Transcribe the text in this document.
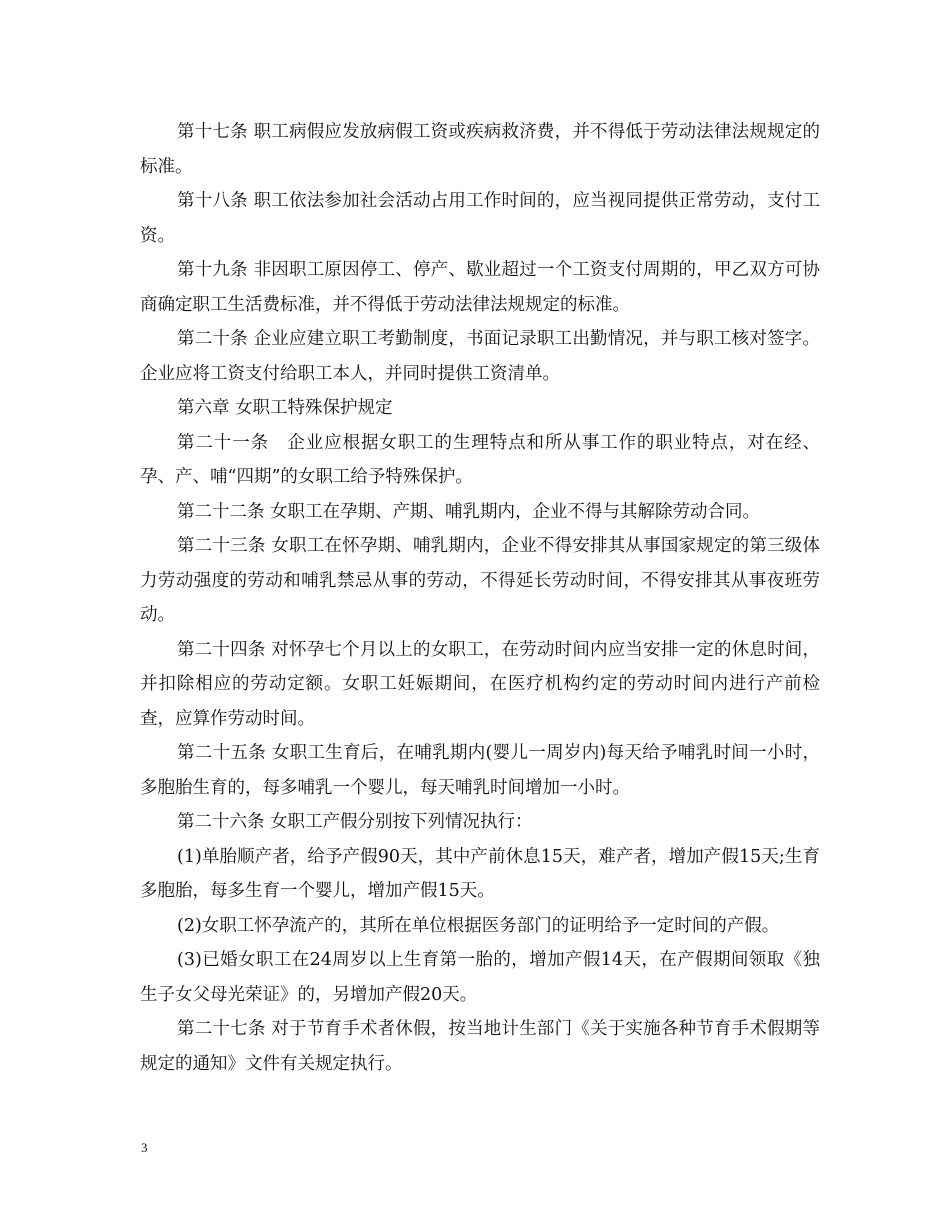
第十七条 职工病假应发放病假工资或疾病救济费，并不得低于劳动法律法规规定的标准。

第十八条 职工依法参加社会活动占用工作时间的，应当视同提供正常劳动，支付工资。

第十九条 非因职工原因停工、停产、歇业超过一个工资支付周期的，甲乙双方可协商确定职工生活费标准，并不得低于劳动法律法规规定的标准。

第二十条 企业应建立职工考勤制度，书面记录职工出勤情况，并与职工核对签字。企业应将工资支付给职工本人，并同时提供工资清单。

第六章 女职工特殊保护规定

第二十一条　企业应根据女职工的生理特点和所从事工作的职业特点，对在经、孕、产、哺“四期”的女职工给予特殊保护。

第二十二条 女职工在孕期、产期、哺乳期内，企业不得与其解除劳动合同。

第二十三条 女职工在怀孕期、哺乳期内，企业不得安排其从事国家规定的第三级体力劳动强度的劳动和哺乳禁忌从事的劳动，不得延长劳动时间，不得安排其从事夜班劳动。

第二十四条 对怀孕七个月以上的女职工，在劳动时间内应当安排一定的休息时间，并扣除相应的劳动定额。女职工妊娠期间，在医疗机构约定的劳动时间内进行产前检查，应算作劳动时间。

第二十五条 女职工生育后，在哺乳期内(婴儿一周岁内)每天给予哺乳时间一小时，多胞胎生育的，每多哺乳一个婴儿，每天哺乳时间增加一小时。

第二十六条 女职工产假分别按下列情况执行：

(1)单胎顺产者，给予产假90天，其中产前休息15天，难产者，增加产假15天;生育多胞胎，每多生育一个婴儿，增加产假15天。

(2)女职工怀孕流产的，其所在单位根据医务部门的证明给予一定时间的产假。

(3)已婚女职工在24周岁以上生育第一胎的，增加产假14天，在产假期间领取《独生子女父母光荣证》的，另增加产假20天。

第二十七条 对于节育手术者休假，按当地计生部门《关于实施各种节育手术假期等规定的通知》文件有关规定执行。

3
